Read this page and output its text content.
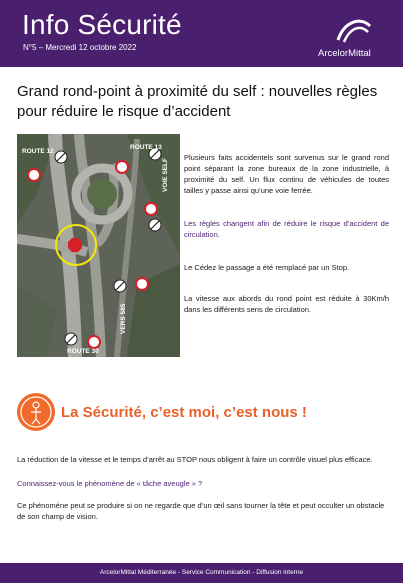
Info Sécurité
N°5 – Mercredi 12 octobre 2022
ArcelorMittal
Grand rond-point à proximité du self : nouvelles règles pour réduire le risque d’accident
ROUTE 12
ROUTE 13
VOIE SELF
VERS 585
ROUTE 30

Plusieurs faits accidentels sont survenus sur le grand rond point séparant la zone bureaux de la zone industrielle, à proximité du self. Un flux continu de véhicules de toutes tailles y passe ainsi qu’une voie ferrée.

Les règles changent afin de réduire le risque d’accident de circulation.

Le Cédez le passage a été remplacé par un Stop.

La vitesse aux abords du rond point est réduite à 30Km/h dans les différents sens de circulation.

La Sécurité, c’est moi, c’est nous !

La réduction de la vitesse et le temps d’arrêt au STOP nous obligent à faire un contrôle visuel plus efficace.

Connaissez-vous le phénomène de « tâche aveugle » ?

Ce phénomène peut se produire si on ne regarde que d’un œil sans tourner la tête et peut occulter un obstacle de son champ de vision.

ArcelorMittal Méditerranée - Service Communication - Diffusion interne
